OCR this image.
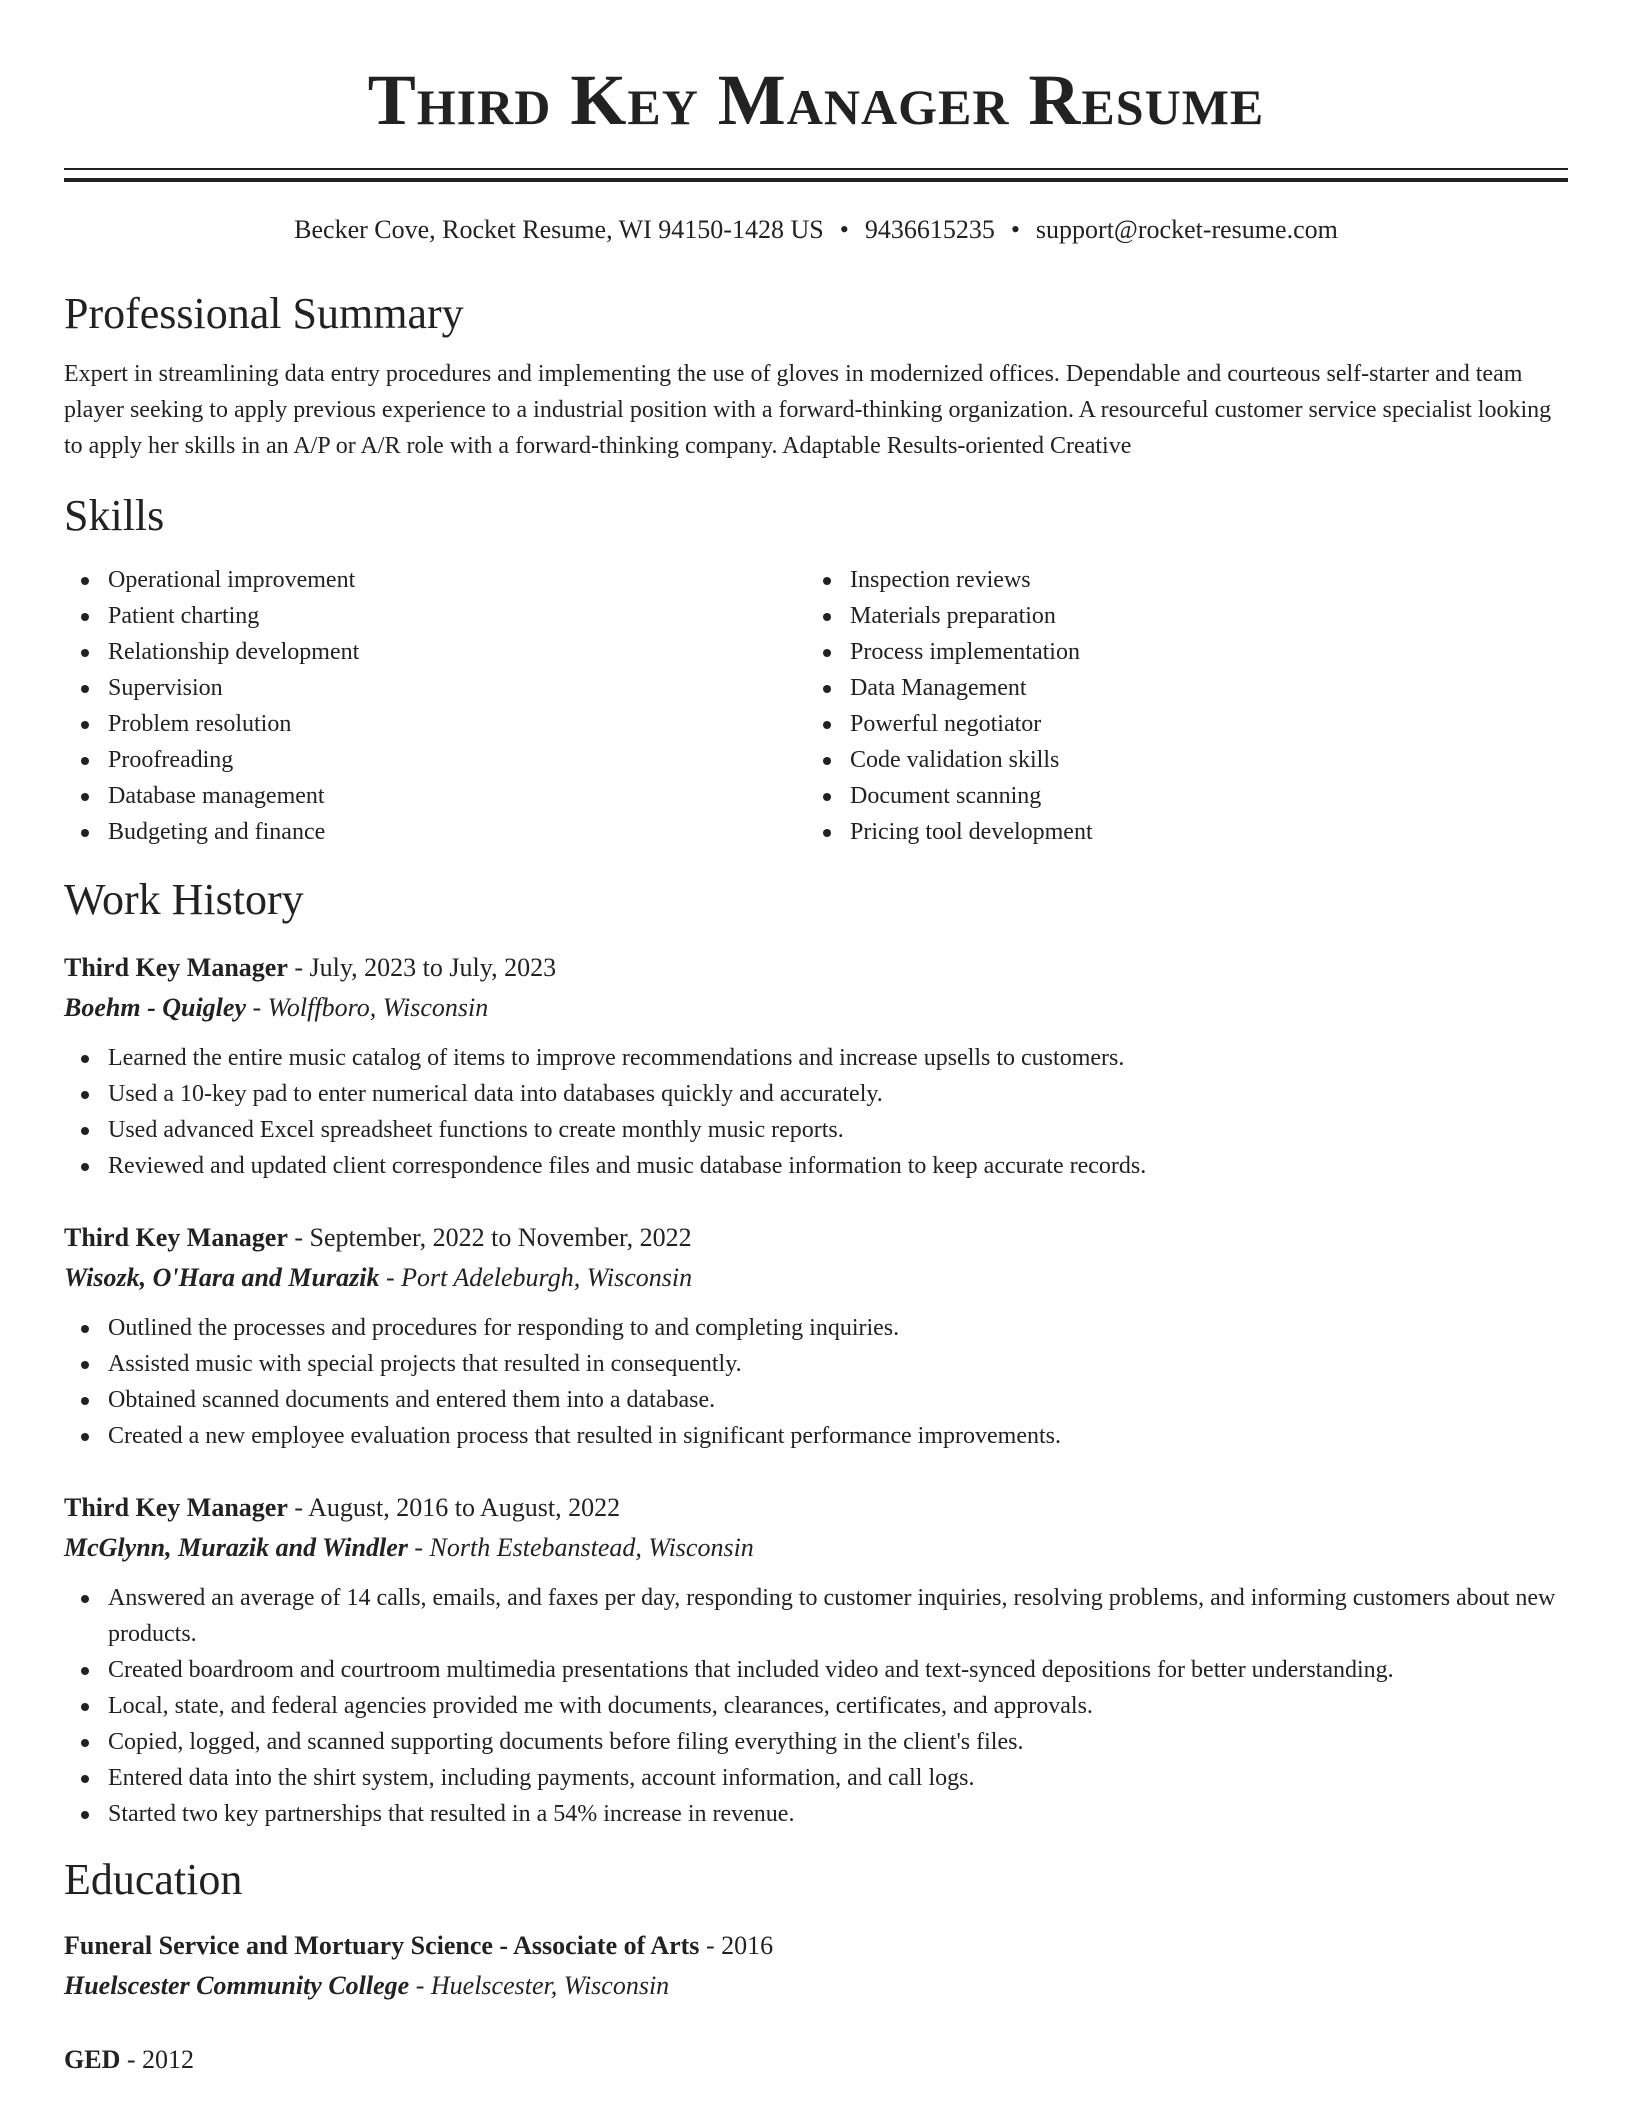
Third Key Manager Resume
Becker Cove, Rocket Resume, WI 94150-1428 US • 9436615235 • support@rocket-resume.com
Professional Summary

Expert in streamlining data entry procedures and implementing the use of gloves in modernized offices. Dependable and courteous self-starter and team player seeking to apply previous experience to a industrial position with a forward-thinking organization. A resourceful customer service specialist looking to apply her skills in an A/P or A/R role with a forward-thinking company. Adaptable Results-oriented Creative

Skills
Operational improvement
Patient charting
Relationship development
Supervision
Problem resolution
Proofreading
Database management
Budgeting and finance
Inspection reviews
Materials preparation
Process implementation
Data Management
Powerful negotiator
Code validation skills
Document scanning
Pricing tool development
Work History
Third Key Manager - July, 2023 to July, 2023
Boehm - Quigley - Wolffboro, Wisconsin
Learned the entire music catalog of items to improve recommendations and increase upsells to customers.
Used a 10-key pad to enter numerical data into databases quickly and accurately.
Used advanced Excel spreadsheet functions to create monthly music reports.
Reviewed and updated client correspondence files and music database information to keep accurate records.
Third Key Manager - September, 2022 to November, 2022
Wisozk, O'Hara and Murazik - Port Adeleburgh, Wisconsin
Outlined the processes and procedures for responding to and completing inquiries.
Assisted music with special projects that resulted in consequently.
Obtained scanned documents and entered them into a database.
Created a new employee evaluation process that resulted in significant performance improvements.
Third Key Manager - August, 2016 to August, 2022
McGlynn, Murazik and Windler - North Estebanstead, Wisconsin
Answered an average of 14 calls, emails, and faxes per day, responding to customer inquiries, resolving problems, and informing customers about new products.
Created boardroom and courtroom multimedia presentations that included video and text-synced depositions for better understanding.
Local, state, and federal agencies provided me with documents, clearances, certificates, and approvals.
Copied, logged, and scanned supporting documents before filing everything in the client's files.
Entered data into the shirt system, including payments, account information, and call logs.
Started two key partnerships that resulted in a 54% increase in revenue.
Education
Funeral Service and Mortuary Science - Associate of Arts - 2016
Huelscester Community College - Huelscester, Wisconsin
GED - 2012
